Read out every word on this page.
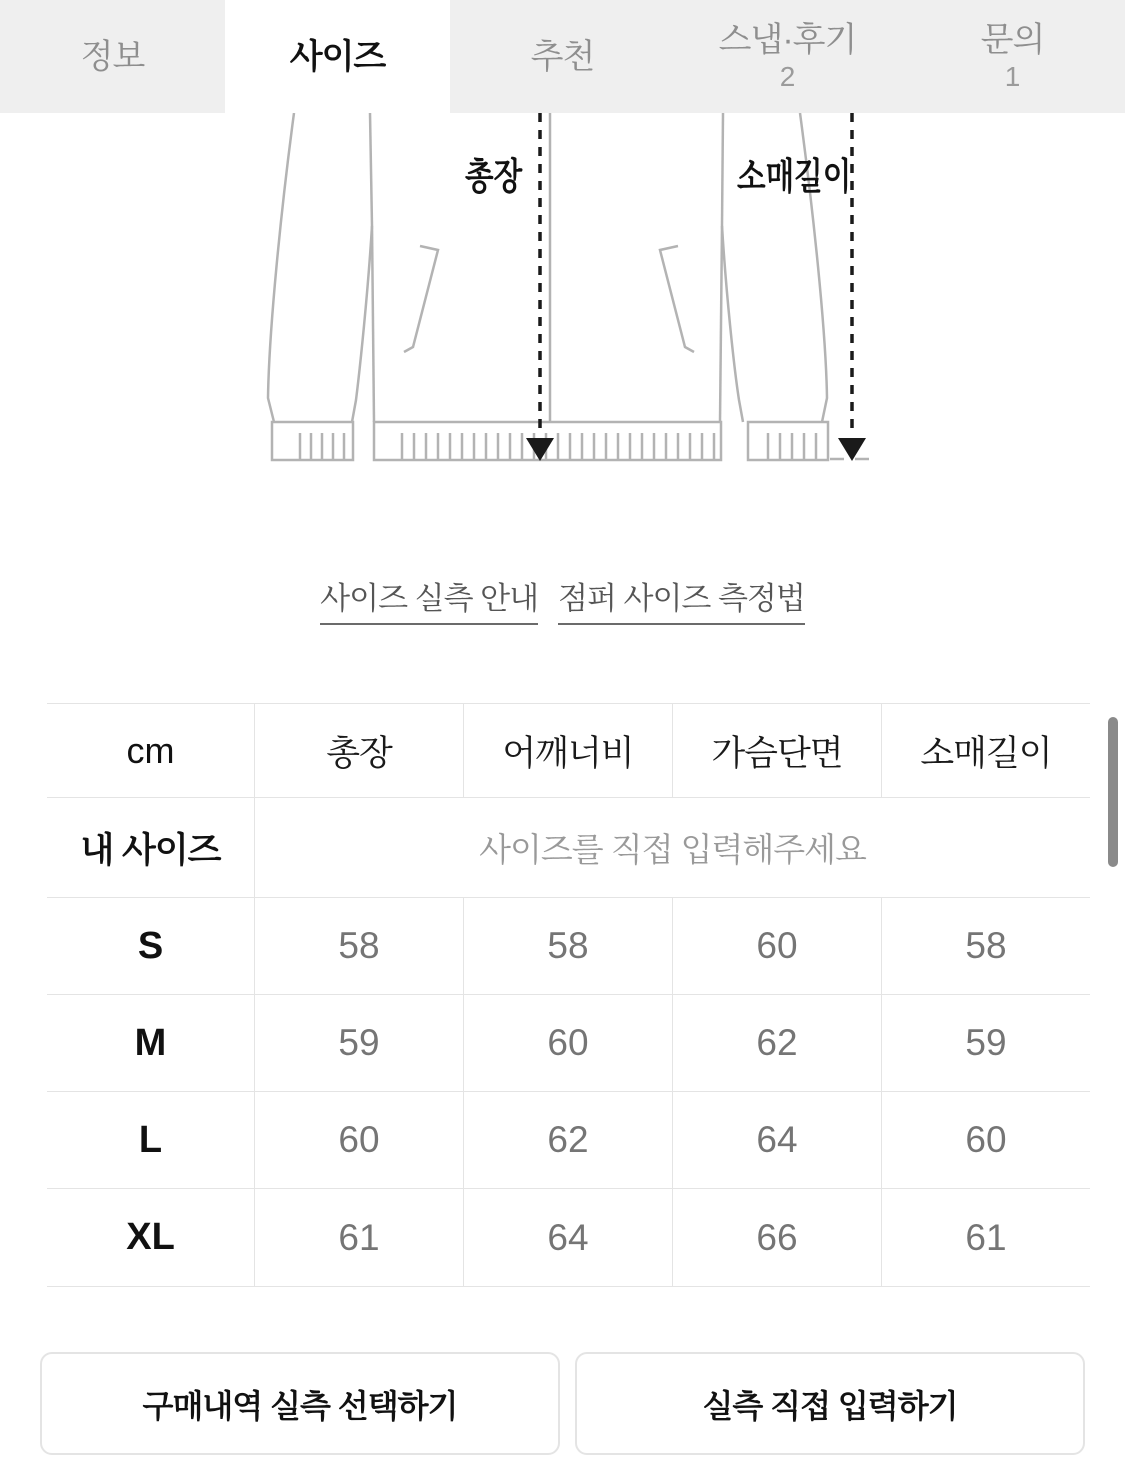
정보	사이즈	추천	스냅·후기
2
문의
1
총장	소매길이
사이즈 실측 안내 점퍼 사이즈 측정법
cm	총장	어깨너비	가슴단면	소매길이
내 사이즈	사이즈를 직접 입력해주세요
S	58	58	60	58
M	59	60	62	59
L	60	62	64	60
XL	61	64	66	61
구매내역 실측 선택하기	실측 직접 입력하기
